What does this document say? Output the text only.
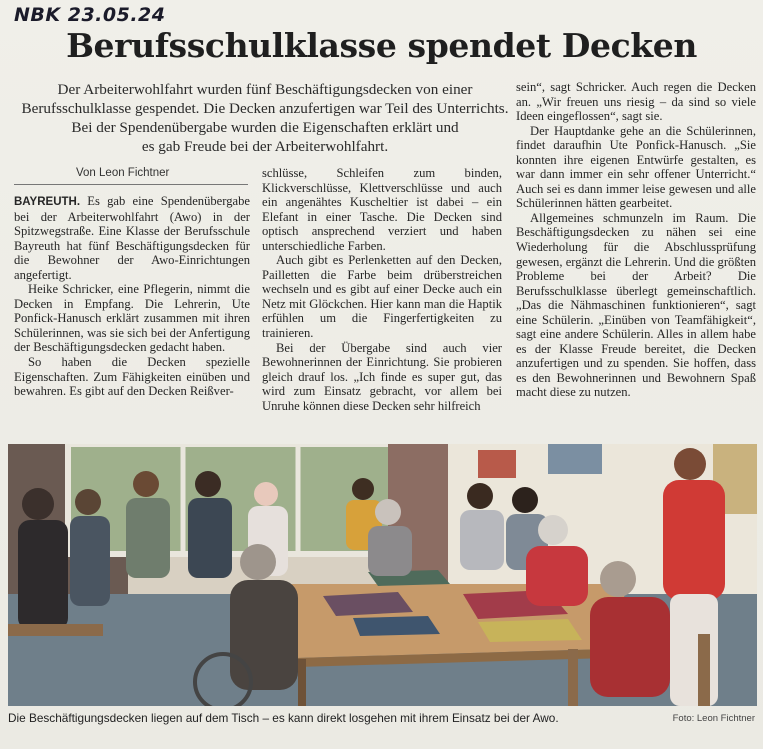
NBK 23.05.24
Berufsschulklasse spendet Decken
Der Arbeiterwohlfahrt wurden fünf Beschäftigungsdecken von einer
Berufsschulklasse gespendet. Die Decken anzufertigen war Teil des Unterrichts.
Bei der Spendenübergabe wurden die Eigenschaften erklärt und
es gab Freude bei der Arbeiterwohlfahrt.
Von Leon Fichtner

BAYREUTH. Es gab eine Spendenübergabe bei der Arbeiterwohlfahrt (Awo) in der Spitzwegstraße. Eine Klasse der Berufsschule Bayreuth hat fünf Beschäftigungsdecken für die Bewohner der Awo-Einrichtungen angefertigt.

Heike Schricker, eine Pflegerin, nimmt die Decken in Empfang. Die Lehrerin, Ute Ponfick-Hanusch erklärt zusammen mit ihren Schülerinnen, was sie sich bei der Anfertigung der Beschäftigungsdecken gedacht haben.

So haben die Decken spezielle Eigenschaften. Zum Fähigkeiten einüben und bewahren. Es gibt auf den Decken Reißver-

schlüsse, Schleifen zum binden, Klickverschlüsse, Klettverschlüsse und auch ein angenähtes Kuscheltier ist dabei – ein Elefant in einer Tasche. Die Decken sind optisch ansprechend verziert und haben unterschiedliche Farben.

Auch gibt es Perlenketten auf den Decken, Pailletten die Farbe beim drüberstreichen wechseln und es gibt auf einer Decke auch ein Netz mit Glöckchen. Hier kann man die Haptik erfühlen um die Fingerfertigkeiten zu trainieren.

Bei der Übergabe sind auch vier Bewohnerinnen der Einrichtung. Sie probieren gleich drauf los. „Ich finde es super gut, das wird zum Einsatz gebracht, vor allem bei Unruhe können diese Decken sehr hilfreich

sein“, sagt Schricker. Auch regen die Decken an. „Wir freuen uns riesig – da sind so viele Ideen eingeflossen“, sagt sie.

Der Hauptdanke gehe an die Schülerinnen, findet daraufhin Ute Ponfick-Hanusch. „Sie konnten ihre eigenen Entwürfe gestalten, es war dann immer ein sehr offener Unterricht.“ Auch sei es dann immer leise gewesen und alle Schülerinnen hätten gearbeitet.

Allgemeines schmunzeln im Raum. Die Beschäftigungsdecken zu nähen sei eine Wiederholung für die Abschlussprüfung gewesen, ergänzt die Lehrerin. Und die größten Probleme bei der Arbeit? Die Berufsschulklasse überlegt gemeinschaftlich. „Das die Nähmaschinen funktionieren“, sagt eine Schülerin. „Einüben von Teamfähigkeit“, sagt eine andere Schülerin. Alles in allem habe es der Klasse Freude bereitet, die Decken anzufertigen und zu spenden. Sie hoffen, dass es den Bewohnerinnen und Bewohnern Spaß macht diese zu nutzen.

Die Beschäftigungsdecken liegen auf dem Tisch – es kann direkt losgehen mit ihrem Einsatz bei der Awo.	Foto: Leon Fichtner
